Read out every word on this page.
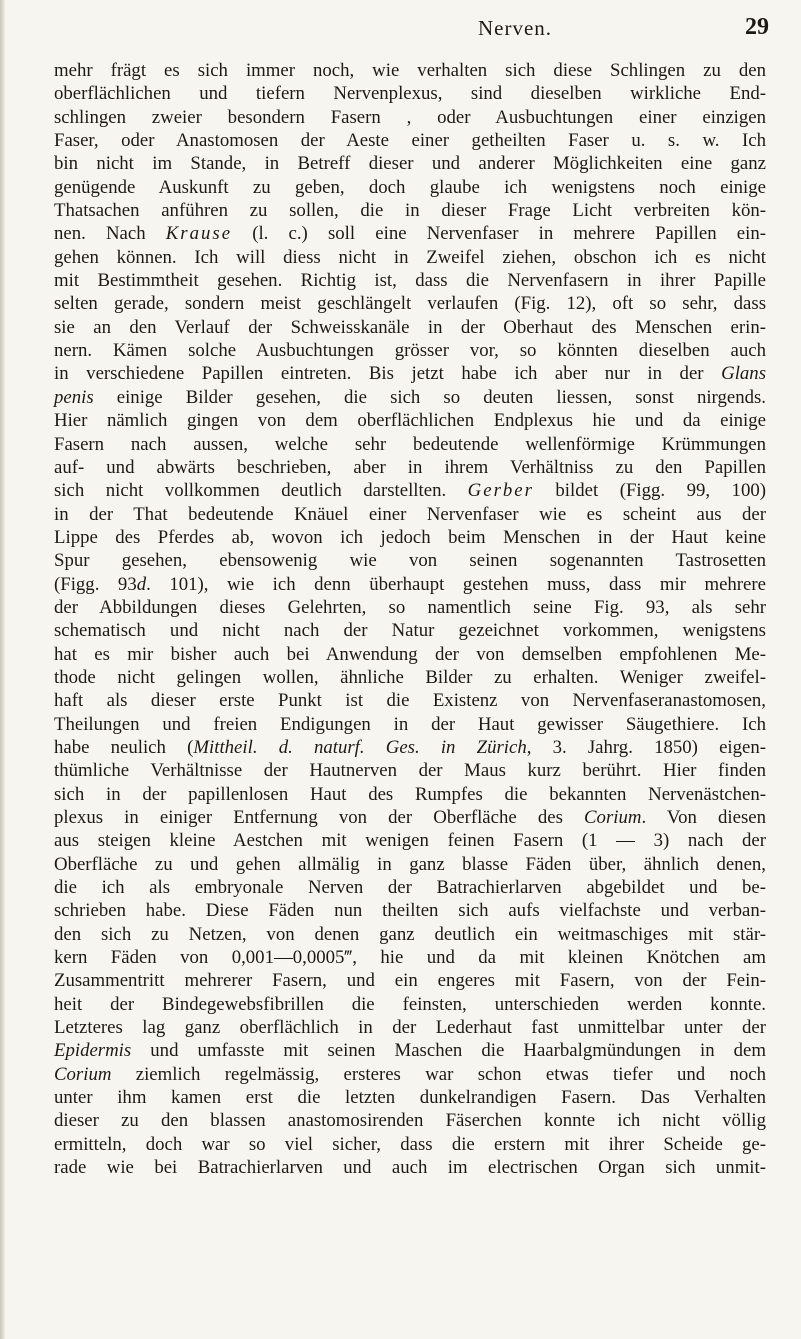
Nerven.	29
mehr frägt es sich immer noch, wie verhalten sich diese Schlingen zu den
oberflächlichen und tiefern Nervenplexus, sind dieselben wirkliche End-
schlingen zweier besondern Fasern , oder Ausbuchtungen einer einzigen
Faser, oder Anastomosen der Aeste einer getheilten Faser u. s. w. Ich
bin nicht im Stande, in Betreff dieser und anderer Möglichkeiten eine ganz
genügende Auskunft zu geben, doch glaube ich wenigstens noch einige
Thatsachen anführen zu sollen, die in dieser Frage Licht verbreiten kön-
nen. Nach Krause (l. c.) soll eine Nervenfaser in mehrere Papillen ein-
gehen können. Ich will diess nicht in Zweifel ziehen, obschon ich es nicht
mit Bestimmtheit gesehen. Richtig ist, dass die Nervenfasern in ihrer Papille
selten gerade, sondern meist geschlängelt verlaufen (Fig. 12), oft so sehr, dass
sie an den Verlauf der Schweisskanäle in der Oberhaut des Menschen erin-
nern. Kämen solche Ausbuchtungen grösser vor, so könnten dieselben auch
in verschiedene Papillen eintreten. Bis jetzt habe ich aber nur in der Glans
penis einige Bilder gesehen, die sich so deuten liessen, sonst nirgends.
Hier nämlich gingen von dem oberflächlichen Endplexus hie und da einige
Fasern nach aussen, welche sehr bedeutende wellenförmige Krümmungen
auf- und abwärts beschrieben, aber in ihrem Verhältniss zu den Papillen
sich nicht vollkommen deutlich darstellten. Gerber bildet (Figg. 99, 100)
in der That bedeutende Knäuel einer Nervenfaser wie es scheint aus der
Lippe des Pferdes ab, wovon ich jedoch beim Menschen in der Haut keine
Spur gesehen, ebensowenig wie von seinen sogenannten Tastrosetten
(Figg. 93d. 101), wie ich denn überhaupt gestehen muss, dass mir mehrere
der Abbildungen dieses Gelehrten, so namentlich seine Fig. 93, als sehr
schematisch und nicht nach der Natur gezeichnet vorkommen, wenigstens
hat es mir bisher auch bei Anwendung der von demselben empfohlenen Me-
thode nicht gelingen wollen, ähnliche Bilder zu erhalten. Weniger zweifel-
haft als dieser erste Punkt ist die Existenz von Nervenfaseranastomosen,
Theilungen und freien Endigungen in der Haut gewisser Säugethiere. Ich
habe neulich (Mittheil. d. naturf. Ges. in Zürich, 3. Jahrg. 1850) eigen-
thümliche Verhältnisse der Hautnerven der Maus kurz berührt. Hier finden
sich in der papillenlosen Haut des Rumpfes die bekannten Nervenästchen-
plexus in einiger Entfernung von der Oberfläche des Corium. Von diesen
aus steigen kleine Aestchen mit wenigen feinen Fasern (1 — 3) nach der
Oberfläche zu und gehen allmälig in ganz blasse Fäden über, ähnlich denen,
die ich als embryonale Nerven der Batrachierlarven abgebildet und be-
schrieben habe. Diese Fäden nun theilten sich aufs vielfachste und verban-
den sich zu Netzen, von denen ganz deutlich ein weitmaschiges mit stär-
kern Fäden von 0,001—0,0005‴, hie und da mit kleinen Knötchen am
Zusammentritt mehrerer Fasern, und ein engeres mit Fasern, von der Fein-
heit der Bindegewebsfibrillen die feinsten, unterschieden werden konnte.
Letzteres lag ganz oberflächlich in der Lederhaut fast unmittelbar unter der
Epidermis und umfasste mit seinen Maschen die Haarbalgmündungen in dem
Corium ziemlich regelmässig, ersteres war schon etwas tiefer und noch
unter ihm kamen erst die letzten dunkelrandigen Fasern. Das Verhalten
dieser zu den blassen anastomosirenden Fäserchen konnte ich nicht völlig
ermitteln, doch war so viel sicher, dass die erstern mit ihrer Scheide ge-
rade wie bei Batrachierlarven und auch im electrischen Organ sich unmit-
